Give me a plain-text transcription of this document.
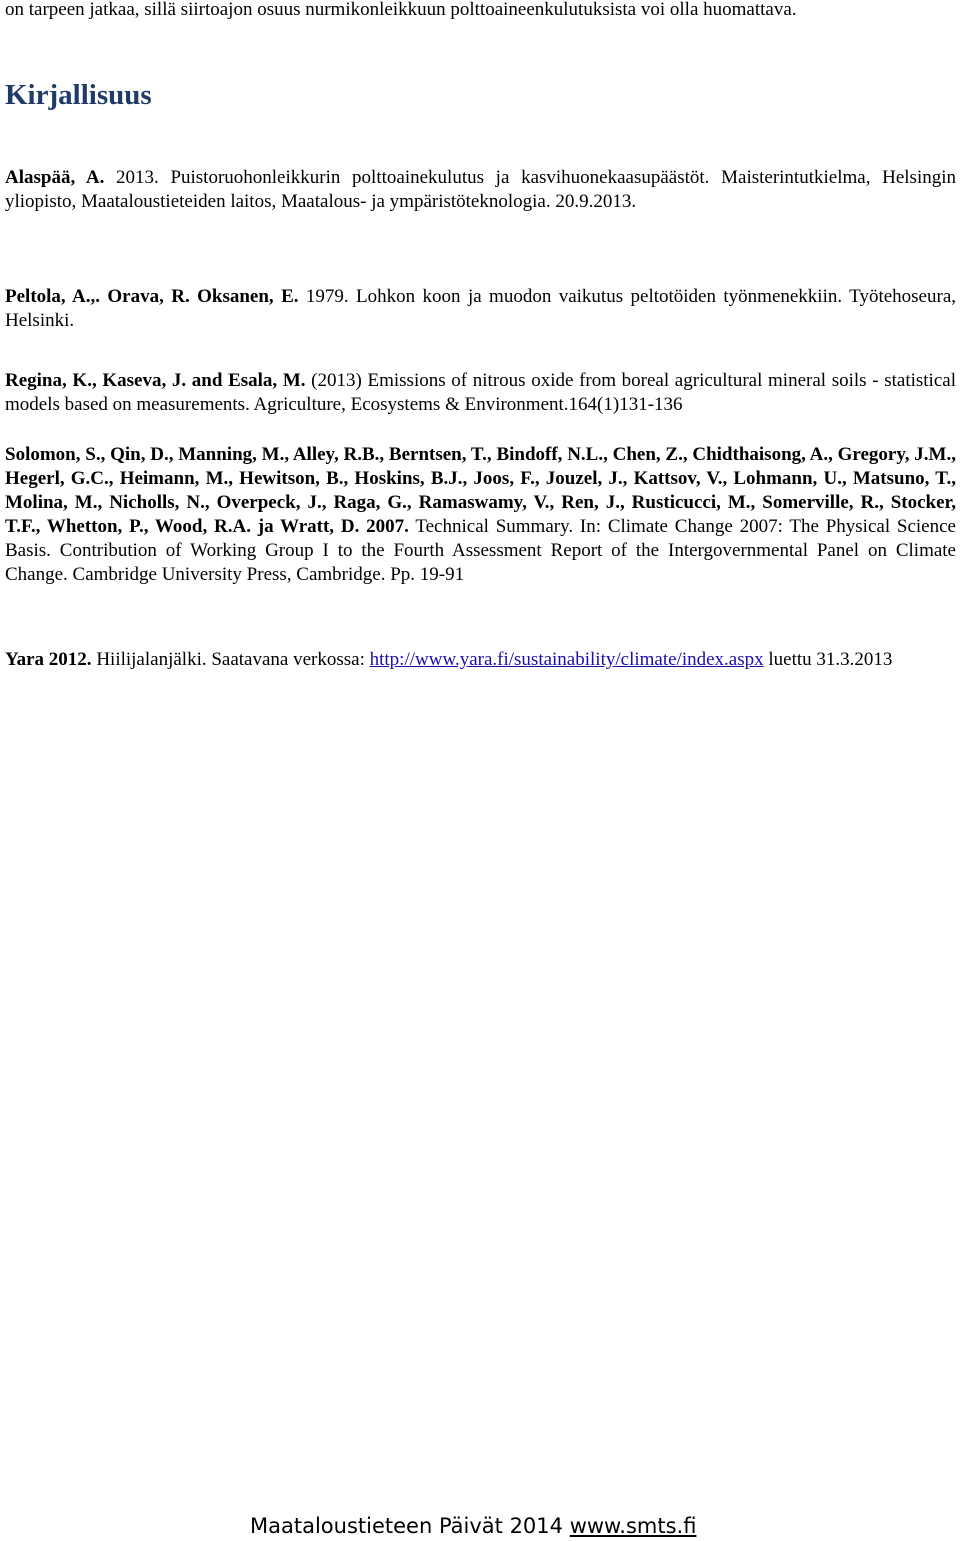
on tarpeen jatkaa, sillä siirtoajon osuus nurmikonleikkuun polttoaineenkulutuksista voi olla huomattava.

Kirjallisuus

Alaspää, A. 2013. Puistoruohonleikkurin polttoainekulutus ja kasvihuonekaasupäästöt. Maisterintutkielma, Helsingin yliopisto, Maataloustieteiden laitos, Maatalous- ja ympäristöteknologia. 20.9.2013.

Peltola, A.,. Orava, R. Oksanen, E. 1979. Lohkon koon ja muodon vaikutus peltotöiden työnmenekkiin. Työtehoseura, Helsinki.

Regina, K., Kaseva, J. and Esala, M. (2013) Emissions of nitrous oxide from boreal agricultural mineral soils - statistical models based on measurements. Agriculture, Ecosystems & Environment.164(1)131-136

Solomon, S., Qin, D., Manning, M., Alley, R.B., Berntsen, T., Bindoff, N.L., Chen, Z., Chidthaisong, A., Gregory, J.M., Hegerl, G.C., Heimann, M., Hewitson, B., Hoskins, B.J., Joos, F., Jouzel, J., Kattsov, V., Lohmann, U., Matsuno, T., Molina, M., Nicholls, N., Overpeck, J., Raga, G., Ramaswamy, V., Ren, J., Rusticucci, M., Somerville, R., Stocker, T.F., Whetton, P., Wood, R.A. ja Wratt, D. 2007. Technical Summary. In: Climate Change 2007: The Physical Science Basis. Contribution of Working Group I to the Fourth Assessment Report of the Intergovernmental Panel on Climate Change. Cambridge University Press, Cambridge. Pp. 19-91

Yara 2012. Hiilijalanjälki. Saatavana verkossa: http://www.yara.fi/sustainability/climate/index.aspx luettu 31.3.2013

Maataloustieteen Päivät 2014 www.smts.fi
